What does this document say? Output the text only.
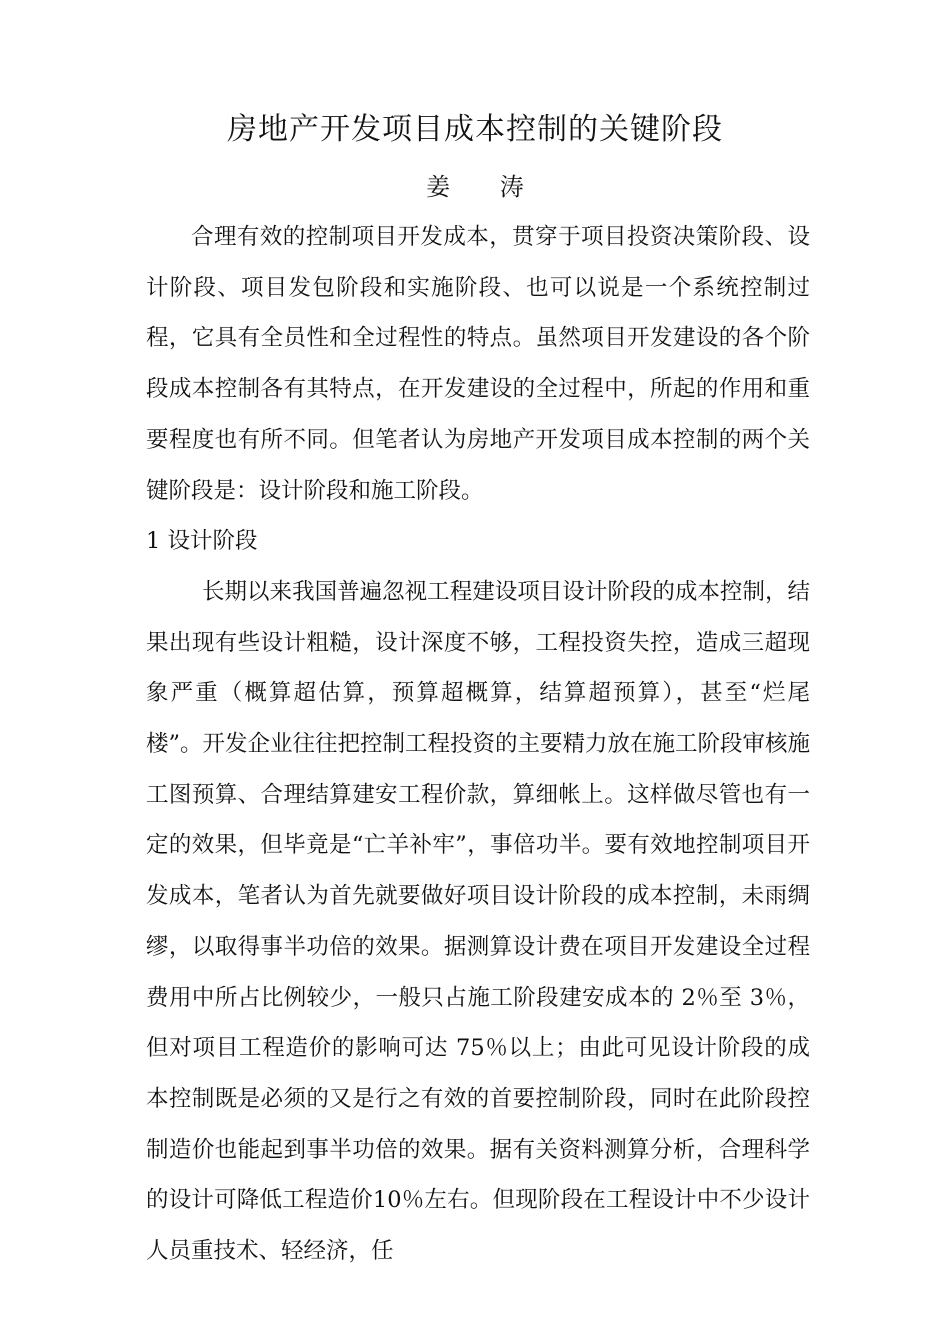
房地产开发项目成本控制的关键阶段
姜 涛

合理有效的控制项目开发成本，贯穿于项目投资决策阶段、设计阶段、项目发包阶段和实施阶段、也可以说是一个系统控制过程，它具有全员性和全过程性的特点。虽然项目开发建设的各个阶段成本控制各有其特点，在开发建设的全过程中，所起的作用和重要程度也有所不同。但笔者认为房地产开发项目成本控制的两个关键阶段是：设计阶段和施工阶段。

1 设计阶段

长期以来我国普遍忽视工程建设项目设计阶段的成本控制，结果出现有些设计粗糙，设计深度不够，工程投资失控，造成三超现象严重（概算超估算，预算超概算，结算超预算），甚至“烂尾楼”。开发企业往往把控制工程投资的主要精力放在施工阶段审核施工图预算、合理结算建安工程价款，算细帐上。这样做尽管也有一定的效果，但毕竟是“亡羊补牢”，事倍功半。要有效地控制项目开发成本，笔者认为首先就要做好项目设计阶段的成本控制，未雨绸缪，以取得事半功倍的效果。据测算设计费在项目开发建设全过程费用中所占比例较少，一般只占施工阶段建安成本的 2％至 3％，但对项目工程造价的影响可达 75％以上；由此可见设计阶段的成本控制既是必须的又是行之有效的首要控制阶段，同时在此阶段控制造价也能起到事半功倍的效果。据有关资料测算分析，合理科学的设计可降低工程造价10％左右。但现阶段在工程设计中不少设计人员重技术、轻经济，任
